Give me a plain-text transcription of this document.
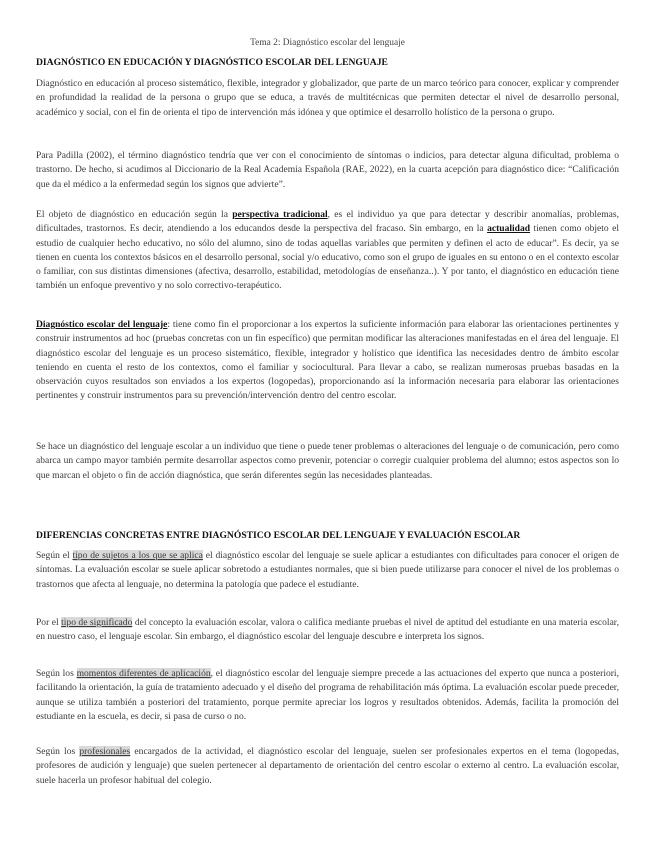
Tema 2: Diagnóstico escolar del lenguaje
DIAGNÓSTICO EN EDUCACIÓN Y DIAGNÓSTICO ESCOLAR DEL LENGUAJE
Diagnóstico en educación al proceso sistemático, flexible, integrador y globalizador, que parte de un marco teórico para conocer, explicar y comprender en profundidad la realidad de la persona o grupo que se educa, a través de multitécnicas que permiten detectar el nivel de desarrollo personal, académico y social, con el fin de orienta el tipo de intervención más idónea y que optimice el desarrollo holístico de la persona o grupo.
Para Padilla (2002), el término diagnóstico tendría que ver con el conocimiento de síntomas o indicios, para detectar alguna dificultad, problema o trastorno. De hecho, si acudimos al Diccionario de la Real Academia Española (RAE, 2022), en la cuarta acepción para diagnóstico dice: “Calificación que da el médico a la enfermedad según los signos que advierte”.
El objeto de diagnóstico en educación según la perspectiva tradicional, es el individuo ya que para detectar y describir anomalías, problemas, dificultades, trastornos. Es decir, atendiendo a los educandos desde la perspectiva del fracaso. Sin embargo, en la actualidad tienen como objeto el estudio de cualquier hecho educativo, no sólo del alumno, sino de todas aquellas variables que permiten y definen el acto de educar”. Es decir, ya se tienen en cuenta los contextos básicos en el desarrollo personal, social y/o educativo, como son el grupo de iguales en su entono o en el contexto escolar o familiar, con sus distintas dimensiones (afectiva, desarrollo, estabilidad, metodologías de enseñanza..). Y por tanto, el diagnóstico en educación tiene también un enfoque preventivo y no solo correctivo-terapéutico.
Diagnóstico escolar del lenguaje: tiene como fin el proporcionar a los expertos la suficiente información para elaborar las orientaciones pertinentes y construir instrumentos ad hoc (pruebas concretas con un fin específico) que permitan modificar las alteraciones manifestadas en el área del lenguaje. El diagnóstico escolar del lenguaje es un proceso sistemático, flexible, integrador y holístico que identifica las necesidades dentro de ámbito escolar teniendo en cuenta el resto de los contextos, como el familiar y sociocultural. Para llevar a cabo, se realizan numerosas pruebas basadas en la observación cuyos resultados son enviados a los expertos (logopedas), proporcionando así la información necesaria para elaborar las orientaciones pertinentes y construir instrumentos para su prevención/intervención dentro del centro escolar.
Se hace un diagnóstico del lenguaje escolar a un individuo que tiene o puede tener problemas o alteraciones del lenguaje o de comunicación, pero como abarca un campo mayor también permite desarrollar aspectos como prevenir, potenciar o corregir cualquier problema del alumno; estos aspectos son lo que marcan el objeto o fin de acción diagnóstica, que serán diferentes según las necesidades planteadas.
DIFERENCIAS CONCRETAS ENTRE DIAGNÓSTICO ESCOLAR DEL LENGUAJE Y EVALUACIÓN ESCOLAR
Según el tipo de sujetos a los que se aplica el diagnóstico escolar del lenguaje se suele aplicar a estudiantes con dificultades para conocer el origen de síntomas. La evaluación escolar se suele aplicar sobretodo a estudiantes normales, que si bien puede utilizarse para conocer el nivel de los problemas o trastornos que afecta al lenguaje, no determina la patología que padece el estudiante.
Por el tipo de significado del concepto la evaluación escolar, valora o califica mediante pruebas el nivel de aptitud del estudiante en una materia escolar, en nuestro caso, el lenguaje escolar. Sin embargo, el diagnóstico escolar del lenguaje descubre e interpreta los signos.
Según los momentos diferentes de aplicación, el diagnóstico escolar del lenguaje siempre precede a las actuaciones del experto que nunca a posteriori, facilitando la orientación, la guía de tratamiento adecuado y el diseño del programa de rehabilitación más óptima. La evaluación escolar puede preceder, aunque se utiliza también a posteriori del tratamiento, porque permite apreciar los logros y resultados obtenidos. Además, facilita la promoción del estudiante en la escuela, es decir, si pasa de curso o no.
Según los profesionales encargados de la actividad, el diagnóstico escolar del lenguaje, suelen ser profesionales expertos en el tema (logopedas, profesores de audición y lenguaje) que suelen pertenecer al departamento de orientación del centro escolar o externo al centro. La evaluación escolar, suele hacerla un profesor habitual del colegio.
